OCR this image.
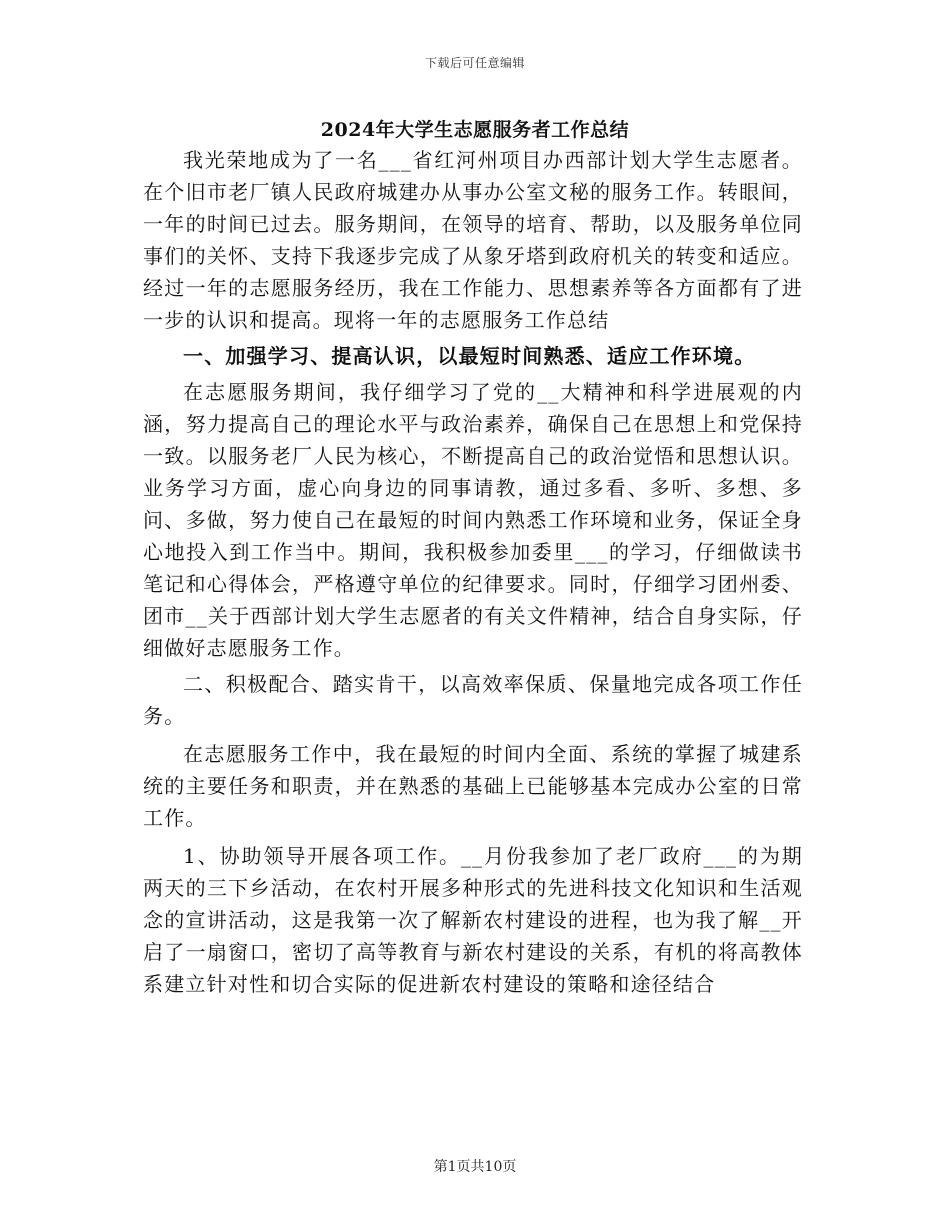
下载后可任意编辑
2024年大学生志愿服务者工作总结

我光荣地成为了一名___省红河州项目办西部计划大学生志愿者。在个旧市老厂镇人民政府城建办从事办公室文秘的服务工作。转眼间，一年的时间已过去。服务期间，在领导的培育、帮助，以及服务单位同事们的关怀、支持下我逐步完成了从象牙塔到政府机关的转变和适应。经过一年的志愿服务经历，我在工作能力、思想素养等各方面都有了进一步的认识和提高。现将一年的志愿服务工作总结

一、加强学习、提高认识，以最短时间熟悉、适应工作环境。

在志愿服务期间，我仔细学习了党的__大精神和科学进展观的内涵，努力提高自己的理论水平与政治素养，确保自己在思想上和党保持一致。以服务老厂人民为核心，不断提高自己的政治觉悟和思想认识。业务学习方面，虚心向身边的同事请教，通过多看、多听、多想、多问、多做，努力使自己在最短的时间内熟悉工作环境和业务，保证全身心地投入到工作当中。期间，我积极参加委里___的学习，仔细做读书笔记和心得体会，严格遵守单位的纪律要求。同时，仔细学习团州委、团市__关于西部计划大学生志愿者的有关文件精神，结合自身实际，仔细做好志愿服务工作。

二、积极配合、踏实肯干，以高效率保质、保量地完成各项工作任务。

在志愿服务工作中，我在最短的时间内全面、系统的掌握了城建系统的主要任务和职责，并在熟悉的基础上已能够基本完成办公室的日常工作。

1、协助领导开展各项工作。__月份我参加了老厂政府___的为期两天的三下乡活动，在农村开展多种形式的先进科技文化知识和生活观念的宣讲活动，这是我第一次了解新农村建设的进程，也为我了解__开启了一扇窗口，密切了高等教育与新农村建设的关系，有机的将高教体系建立针对性和切合实际的促进新农村建设的策略和途径结合

第1页共10页
